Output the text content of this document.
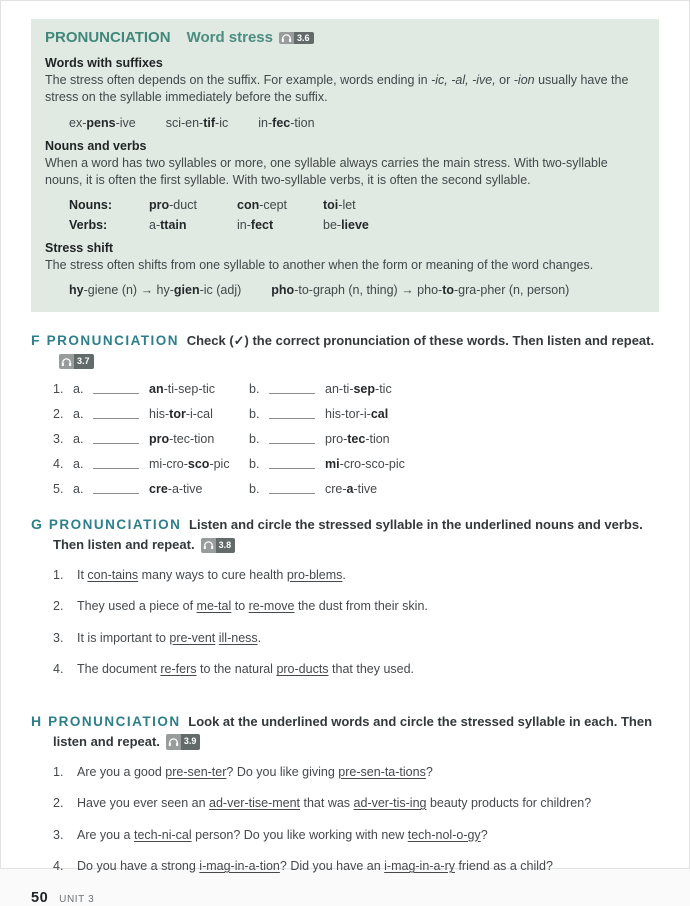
PRONUNCIATION Word stress	3.6

Words with suffixes

The stress often depends on the suffix. For example, words ending in -ic, -al, -ive, or -ion usually have the stress on the syllable immediately before the suffix.

ex-pens-ive sci-en-tif-ic in-fec-tion

Nouns and verbs

When a word has two syllables or more, one syllable always carries the main stress. With two-syllable nouns, it is often the first syllable. With two-syllable verbs, it is often the second syllable.

Nouns:	pro-duct	con-cept	toi-let
Verbs:	a-ttain	in-fect	be-lieve

Stress shift

The stress often shifts from one syllable to another when the form or meaning of the word changes.

hy-giene (n) → hy-gien-ic (adj) pho-to-graph (n, thing) → pho-to-gra-pher (n, person)

F PRONUNCIATION Check (✓) the correct pronunciation of these words. Then listen and repeat.
3.7

1. a.	an-ti-sep-tic	b.	an-ti-sep-tic
2. a.	his-tor-i-cal	b.	his-tor-i-cal
3. a.	pro-tec-tion	b.	pro-tec-tion
4. a.	mi-cro-sco-pic b.	mi-cro-sco-pic
5. a.	cre-a-tive	b.	cre-a-tive

G PRONUNCIATION Listen and circle the stressed syllable in the underlined nouns and verbs. Then listen and repeat.	3.8

1.	It con-tains many ways to cure health pro-blems.
2.	They used a piece of me-tal to re-move the dust from their skin.
3.	It is important to pre-vent ill-ness.
4.	The document re-fers to the natural pro-ducts that they used.

H PRONUNCIATION Look at the underlined words and circle the stressed syllable in each. Then listen and repeat.	3.9

1.	Are you a good pre-sen-ter? Do you like giving pre-sen-ta-tions?
2.	Have you ever seen an ad-ver-tise-ment that was ad-ver-tis-ing beauty products for children?
3.	Are you a tech-ni-cal person? Do you like working with new tech-nol-o-gy?
4.	Do you have a strong i-mag-in-a-tion? Did you have an i-mag-in-a-ry friend as a child?
50 UNIT 3
